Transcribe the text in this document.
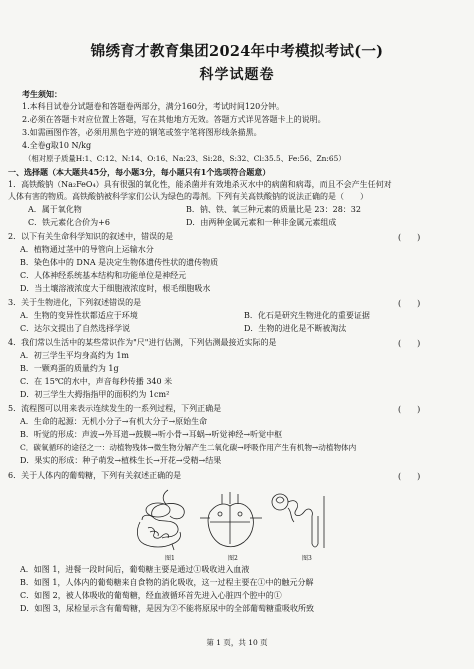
锦绣育才教育集团2024年中考模拟考试(一)
科学试题卷
考生须知：
1.本科目试卷分试题卷和答题卷两部分，满分160分，考试时间120分钟。
2.必须在答题卡对应位置上答题，写在其他地方无效。答题方式详见答题卡上的说明。
3.如需画图作答，必须用黑色字迹的钢笔或签字笔将图形线条描黑。
4.全卷g取10 N/kg
（相对原子质量H:1、C:12、N:14、O:16、Na:23、Si:28、S:32、Cl:35.5、Fe:56、Zn:65）
一、选择题（本大题共45分，每小题3分，每小题只有1个选项符合题意）
1．高铁酸钠（Na₂FeO₄）具有很强的氧化性，能杀菌并有效地杀灭水中的病菌和病毒，而且不会产生任何对
人体有害的物质。高铁酸钠被科学家们公认为绿色的毒剂。下列有关高铁酸钠的说法正确的是（　　）
A．属于氧化物	B．钠、铁、氧三种元素的质量比是 23：28：32
C．铁元素化合价为+6	D．由两种金属元素和一种非金属元素组成
2．以下有关生命科学知识的叙述中，错误的是	(　　)
A．植物通过茎中的导管向上运输水分
B．染色体中的 DNA 是决定生物体遗传性状的遗传物质
C．人体神经系统基本结构和功能单位是神经元
D．当土壤溶液浓度大于细胞液浓度时，根毛细胞吸水
3．关于生物进化，下列叙述错误的是	(　　)
A．生物的变异性状都适应于环境	B．化石是研究生物进化的重要证据
C．达尔文提出了自然选择学说	D．生物的进化是不断被淘汰
4．我们常以生活中的某些常识作为"尺"进行估测，下列估测最接近实际的是	(　　)
A．初三学生平均身高约为 1m
B．一颗鸡蛋的质量约为 1g
C．在 15℃的水中，声音每秒传播 340 米
D．初三学生大拇指指甲的面积约为 1cm²
5．流程图可以用来表示连续发生的一系列过程，下列正确是	(　　)
A．生命的起源：无机小分子→有机大分子→原始生命
B．听觉的形成：声波→外耳道→鼓膜→听小骨→耳蜗→听觉神经→听觉中枢
C．碳氧循环的途径之一：动植物残体→微生物分解产生二氧化碳→呼吸作用产生有机物→动植物体内
D．果实的形成：种子萌发→植株生长→开花→受精→结果
6．关于人体内的葡萄糖，下列有关叙述正确的是	(　　)
图1	图2	图3
A．如图 1，进餐一段时间后，葡萄糖主要是通过①吸收进入血液
B．如图 1，人体内的葡萄糖来自食物的消化吸收，这一过程主要在①中的触元分解
C．如图 2，被人体吸收的葡萄糖，经血液循环首先进入心脏四个腔中的①
D．如图 3，尿检显示含有葡萄糖，是因为②不能将原尿中的全部葡萄糖重吸收所致
第 1 页，共 10 页
